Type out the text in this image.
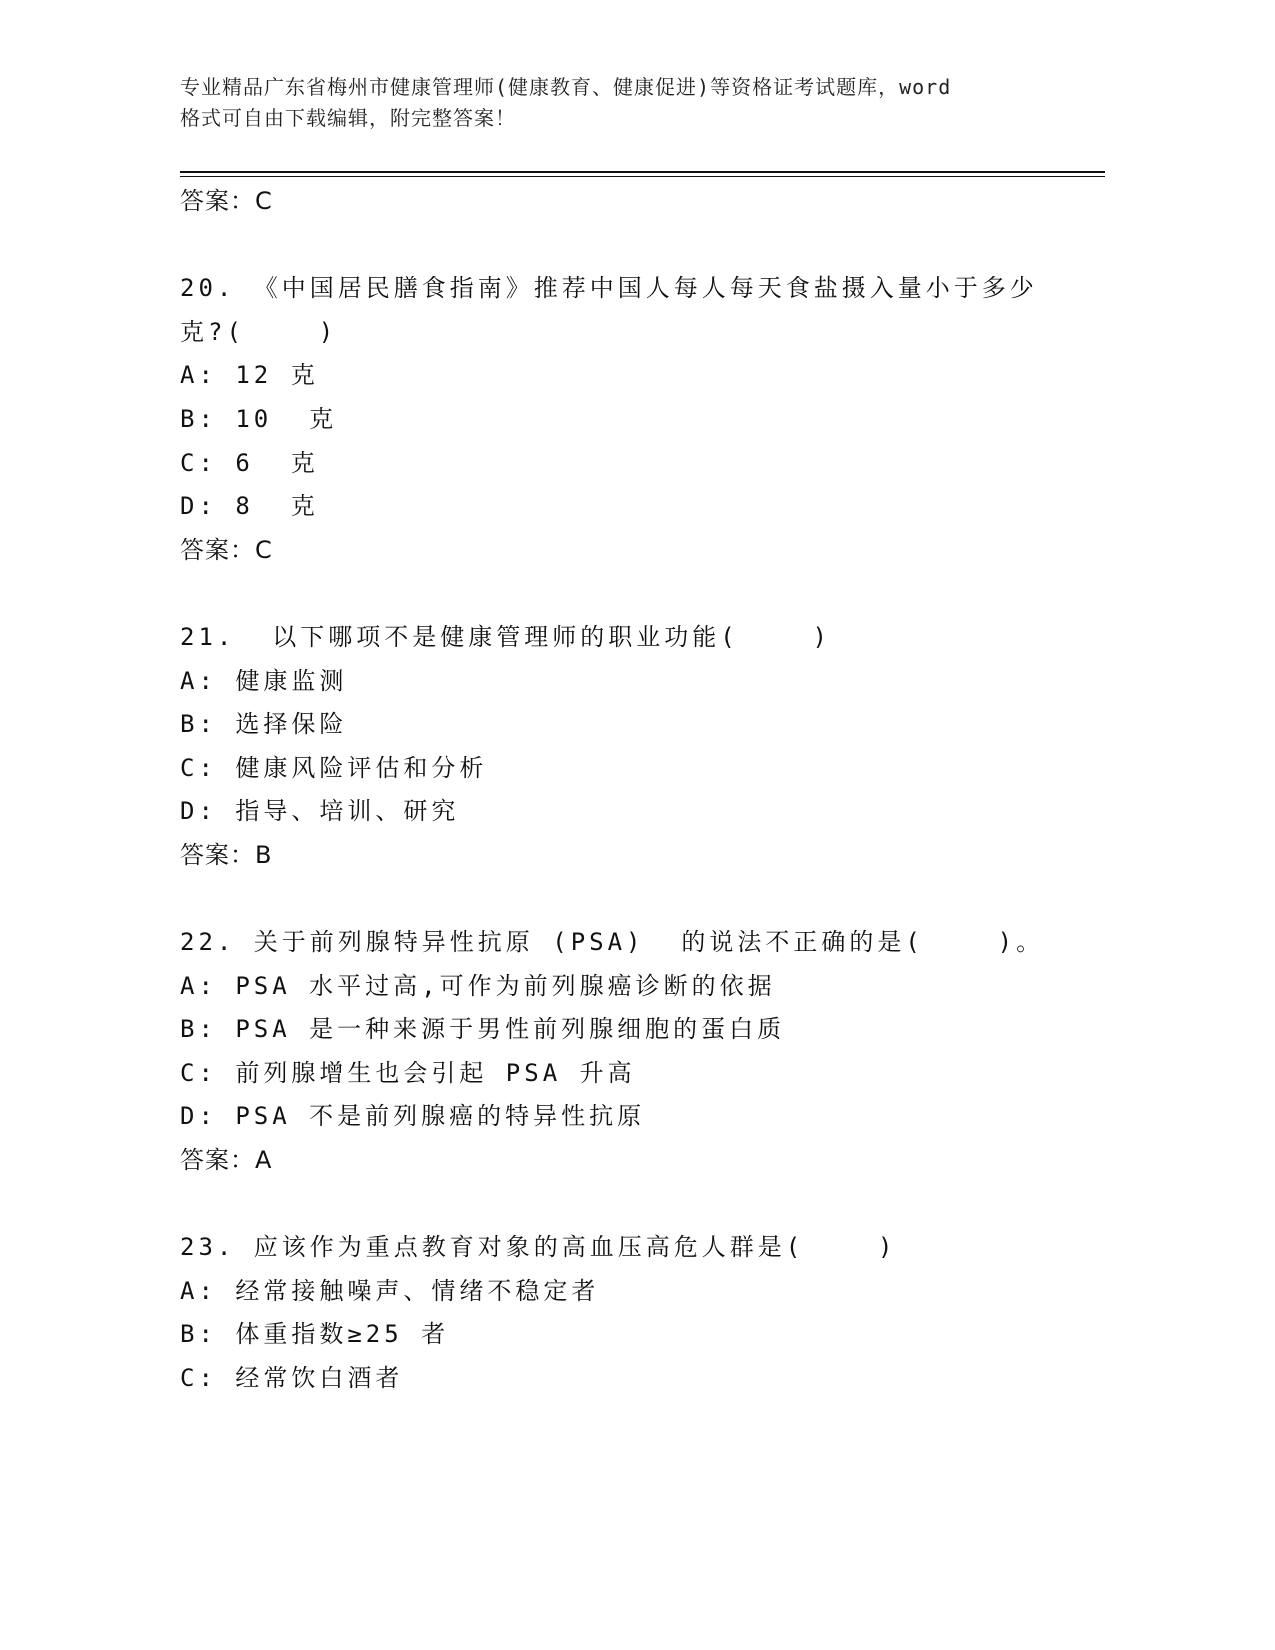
专业精品广东省梅州市健康管理师(健康教育、健康促进)等资格证考试题库，word
格式可自由下载编辑，附完整答案！
答案：C
20. 《中国居民膳食指南》推荐中国人每人每天食盐摄入量小于多少
克?(    )
A: 12 克
B: 10  克
C: 6  克
D: 8  克
答案：C
21.  以下哪项不是健康管理师的职业功能(    )
A: 健康监测
B: 选择保险
C: 健康风险评估和分析
D: 指导、培训、研究
答案：B
22. 关于前列腺特异性抗原 (PSA)  的说法不正确的是(    )。
A: PSA 水平过高,可作为前列腺癌诊断的依据
B: PSA 是一种来源于男性前列腺细胞的蛋白质
C: 前列腺增生也会引起 PSA 升高
D: PSA 不是前列腺癌的特异性抗原
答案：A
23. 应该作为重点教育对象的高血压高危人群是(    )
A: 经常接触噪声、情绪不稳定者
B: 体重指数≥25 者
C: 经常饮白酒者
